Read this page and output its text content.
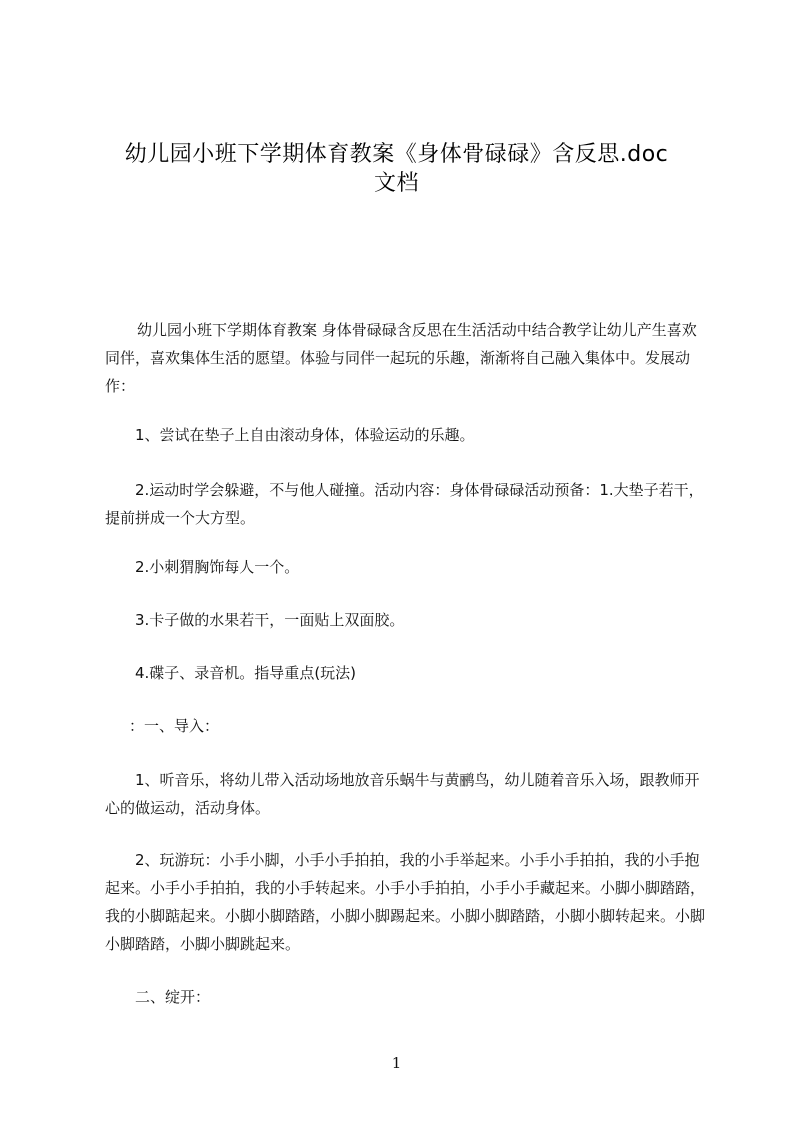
幼儿园小班下学期体育教案《身体骨碌碌》含反思.doc
文档

幼儿园小班下学期体育教案 身体骨碌碌含反思在生活活动中结合教学让幼儿产生喜欢同伴，喜欢集体生活的愿望。体验与同伴一起玩的乐趣，渐渐将自己融入集体中。发展动作：

1、尝试在垫子上自由滚动身体，体验运动的乐趣。

2.运动时学会躲避，不与他人碰撞。活动内容：身体骨碌碌活动预备：1.大垫子若干，提前拼成一个大方型。

2.小刺猬胸饰每人一个。

3.卡子做的水果若干，一面贴上双面胶。

4.碟子、录音机。指导重点(玩法)

：一、导入：

1、听音乐，将幼儿带入活动场地放音乐蜗牛与黄鹂鸟，幼儿随着音乐入场，跟教师开心的做运动，活动身体。

2、玩游玩：小手小脚，小手小手拍拍，我的小手举起来。小手小手拍拍，我的小手抱起来。小手小手拍拍，我的小手转起来。小手小手拍拍，小手小手藏起来。小脚小脚踏踏，我的小脚踮起来。小脚小脚踏踏，小脚小脚踢起来。小脚小脚踏踏，小脚小脚转起来。小脚小脚踏踏，小脚小脚跳起来。

二、绽开：

1
